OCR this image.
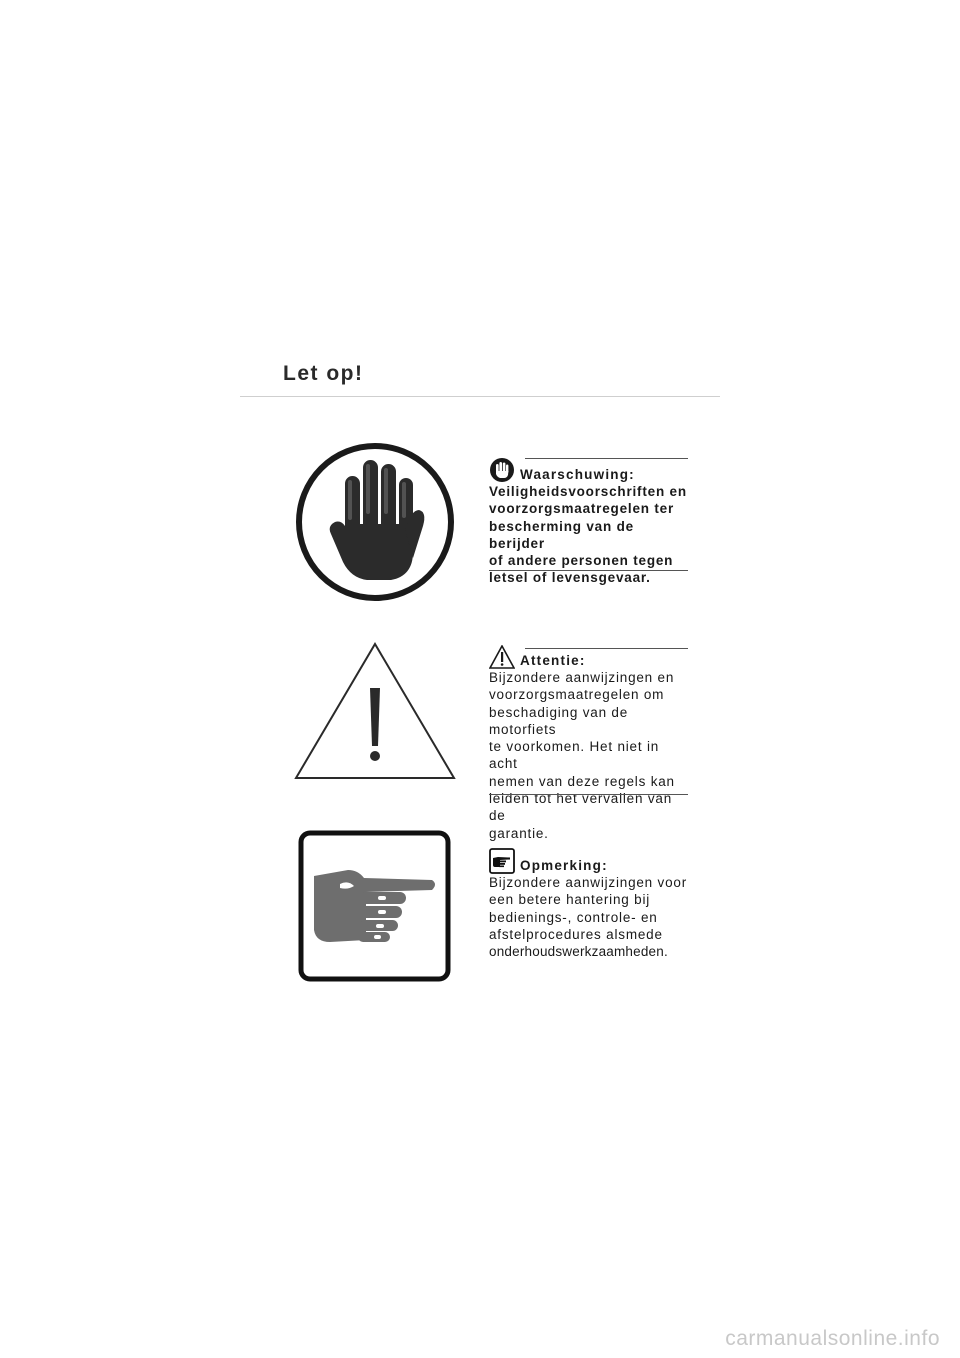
Let op!
Waarschuwing:
Veiligheidsvoorschriften en
voorzorgsmaatregelen ter
bescherming van de berijder
of andere personen tegen
letsel of levensgevaar.
Attentie:
Bijzondere aanwijzingen en
voorzorgsmaatregelen om
beschadiging van de motorfiets
te voorkomen. Het niet in acht
nemen van deze regels kan
leiden tot het vervallen van de
garantie.
Opmerking:
Bijzondere aanwijzingen voor
een betere hantering bij
bedienings-, controle- en
afstelprocedures alsmede
onderhoudswerkzaamheden.
carmanualsonline.info
